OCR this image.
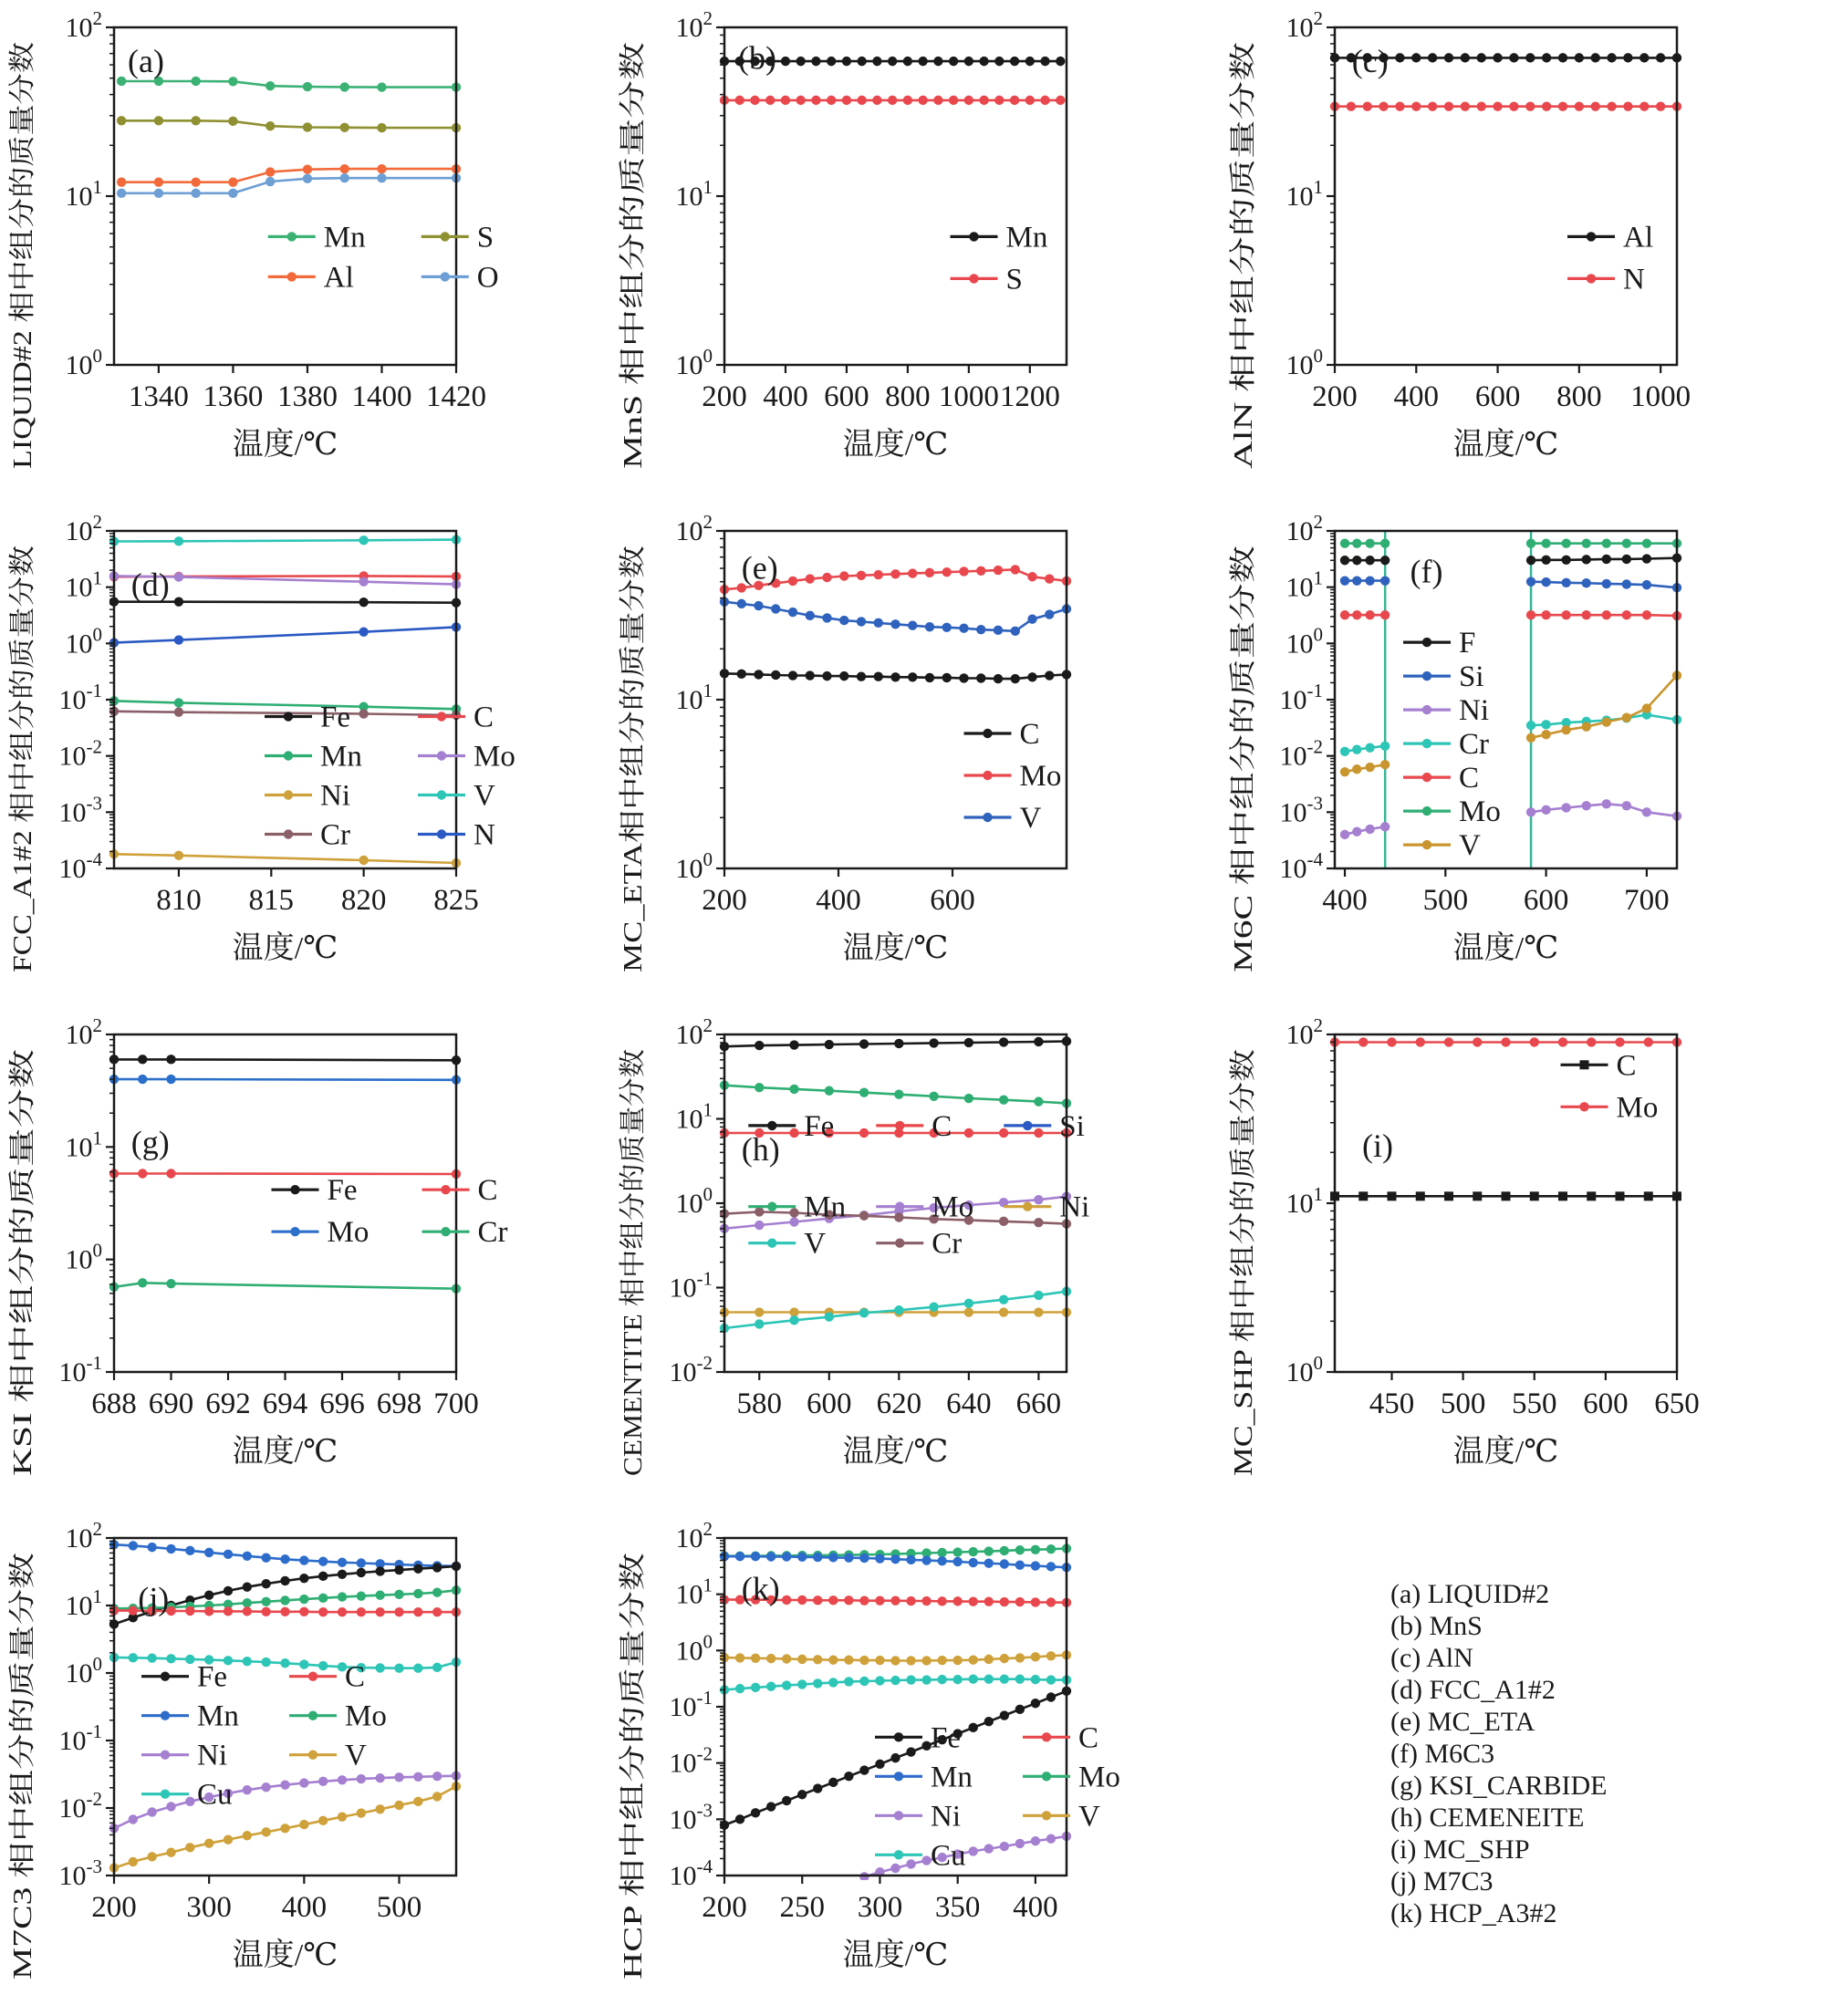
$10^0$
$10^1$
$10^2$
1340 1360 1380 1400 1420
温度/℃
LIQUID#2 相中组分的质量分数
(a)
Mn	S
Al	O
$10^0$
$10^1$
$10^2$
200 400 600 800 1000 1200
温度/℃
MnS 相中组分的质量分数
(b)
Mn
S
$10^0$
$10^1$
$10^2$
200 400 600 800 1000
温度/℃
AlN 相中组分的质量分数
(c)
Al
N
$10^{-4}$
$10^{-3}$
$10^{-2}$
$10^{-1}$
$10^0$
$10^1$
$10^2$
810 815 820 825
温度/℃
FCC_A1#2 相中组分的质量分数
(d)
Fe	C
Mn	Mo
Ni	V
Cr	N
$10^0$
$10^1$
$10^2$
200 400 600
温度/℃
MC_ETA相中组分的质量分数
(e)
C
Mo
V
$10^{-4}$
$10^{-3}$
$10^{-2}$
$10^{-1}$
$10^0$
$10^1$
$10^2$
400 500 600 700
温度/℃
M6C 相中组分的质量分数
(f)
F
Si
Ni
Cr
C
Mo
V
$10^{-1}$
$10^0$
$10^1$
$10^2$
688 690 692 694 696 698 700
温度/℃
KSI 相中组分的质量分数
(g)
Fe	C
Mo	Cr
$10^{-2}$
$10^{-1}$
$10^0$
$10^1$
$10^2$
580 600 620 640 660
温度/℃
CEMENTITE 相中组分的质量分数	(h)
Fe	C	Si
Mn	Mo	Ni
V	Cr
$10^0$
$10^1$
$10^2$
450 500 550 600 650
温度/℃
MC_SHP 相中组分的质量分数	(i)
C
Mo
$10^{-3}$
$10^{-2}$
$10^{-1}$
$10^0$
$10^1$
$10^2$
200 300 400 500
温度/℃
M7C3 相中组分的质量分数
(j)
Fe	C
Mn	Mo
Ni	V
Cu
$10^{-4}$
$10^{-3}$
$10^{-2}$
$10^{-1}$
$10^0$
$10^1$
$10^2$
200 250 300 350 400
温度/℃
HCP 相中组分的质量分数
(k)
Fe	C
Mn	Mo
Ni	V
Cu
(a) LIQUID#2
(b) MnS
(c) AlN
(d) FCC_A1#2
(e) MC_ETA
(f) M6C3
(g) KSI_CARBIDE
(h) CEMENEITE
(i) MC_SHP
(j) M7C3
(k) HCP_A3#2
